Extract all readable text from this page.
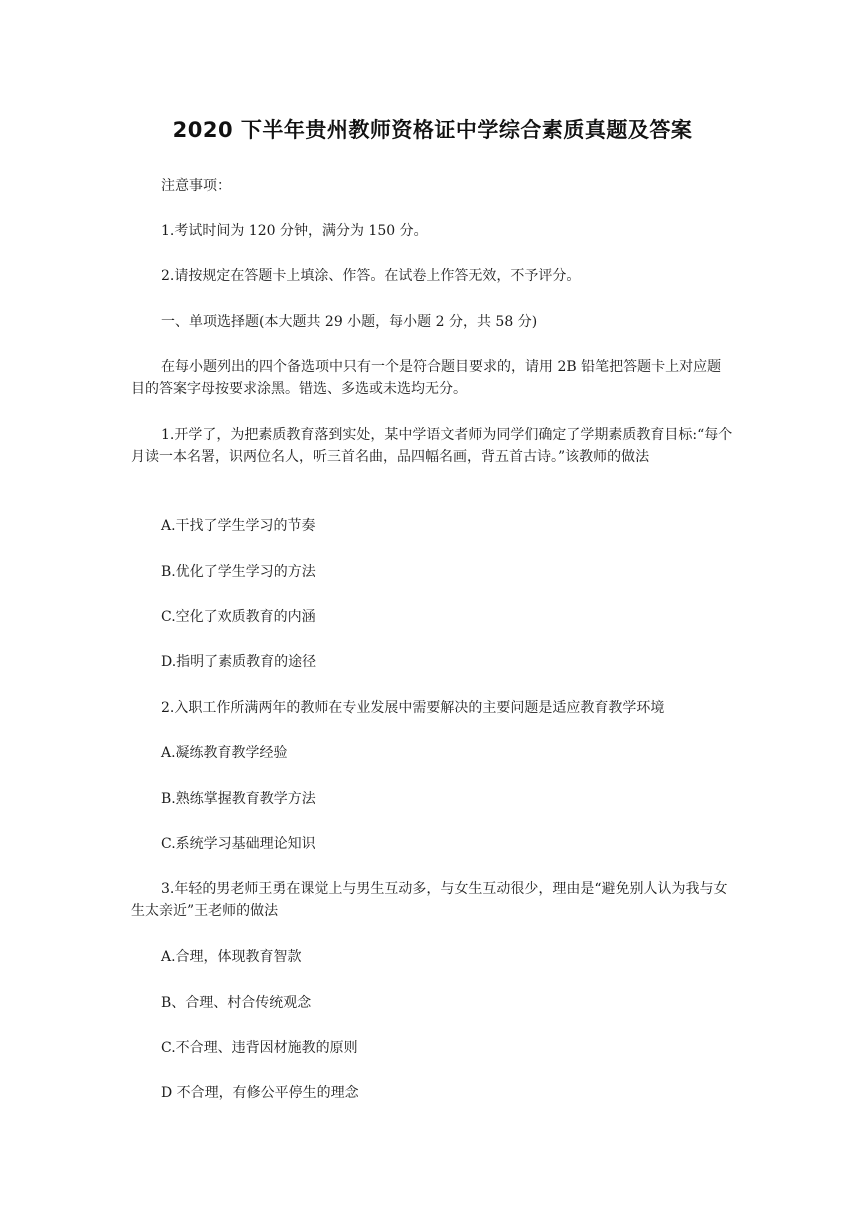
2020 下半年贵州教师资格证中学综合素质真题及答案
注意事项：
1.考试时间为 120 分钟，满分为 150 分。
2.请按规定在答题卡上填涂、作答。在试卷上作答无效，不予评分。
一、单项选择题(本大题共 29 小题，每小题 2 分，共 58 分)
在每小题列出的四个备选项中只有一个是符合题目要求的，请用 2B 铅笔把答题卡上对应题目的答案字母按要求涂黑。错选、多选或未选均无分。
1.开学了，为把素质教育落到实处，某中学语文者师为同学们确定了学期素质教育目标:“每个月读一本名署，识两位名人，听三首名曲，品四幅名画，背五首古诗。”该教师的做法
A.干找了学生学习的节奏
B.优化了学生学习的方法
C.空化了欢质教育的内涵
D.指明了素质教育的途径
2.入职工作所满两年的教师在专业发展中需要解决的主要问题是适应教育教学环境
A.凝练教育教学经验
B.熟练掌握教育教学方法
C.系统学习基础理论知识
3.年轻的男老师王勇在课觉上与男生互动多，与女生互动很少，理由是“避免别人认为我与女生太亲近”王老师的做法
A.合理，体现教育智款
B、合理、村合传统观念
C.不合理、违背因材施教的原则
D 不合理，有修公平停生的理念
